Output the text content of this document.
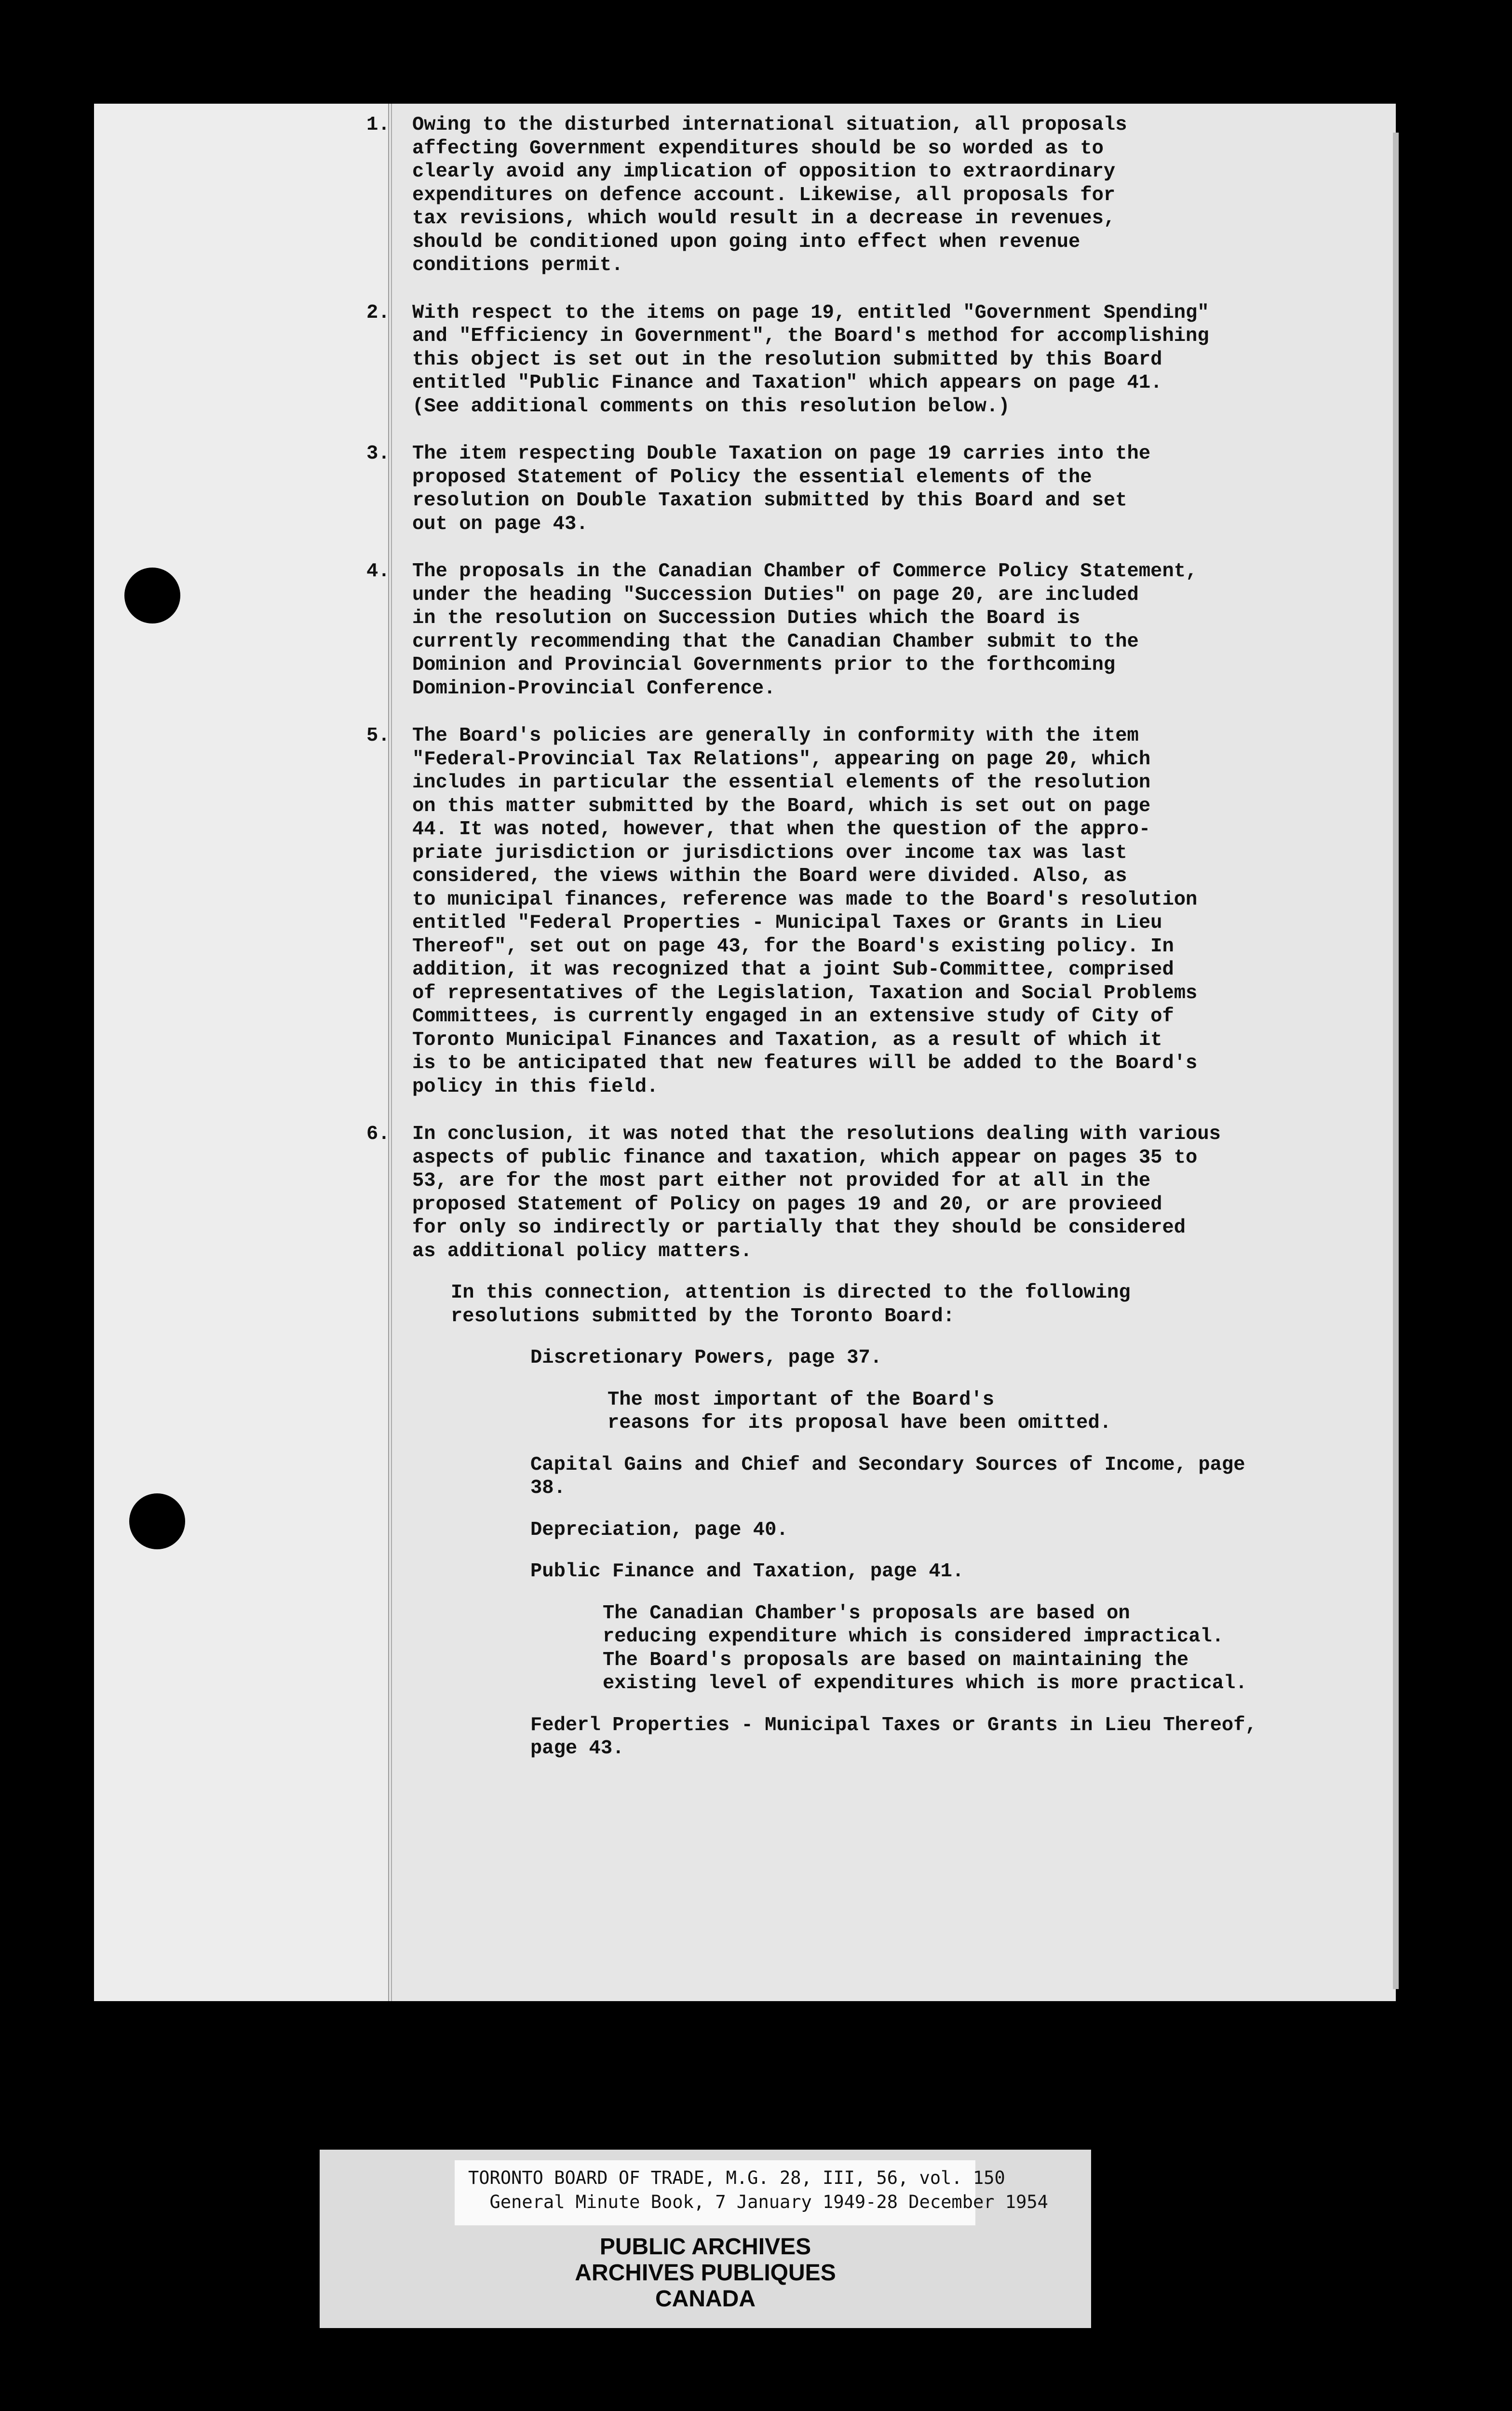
1. Owing to the disturbed international situation, all proposals
affecting Government expenditures should be so worded as to
clearly avoid any implication of opposition to extraordinary
expenditures on defence account. Likewise, all proposals for
tax revisions, which would result in a decrease in revenues,
should be conditioned upon going into effect when revenue
conditions permit.
2. With respect to the items on page 19, entitled "Government Spending"
and "Efficiency in Government", the Board's method for accomplishing
this object is set out in the resolution submitted by this Board
entitled "Public Finance and Taxation" which appears on page 41.
(See additional comments on this resolution below.)
3. The item respecting Double Taxation on page 19 carries into the
proposed Statement of Policy the essential elements of the
resolution on Double Taxation submitted by this Board and set
out on page 43.
4. The proposals in the Canadian Chamber of Commerce Policy Statement,
under the heading "Succession Duties" on page 20, are included
in the resolution on Succession Duties which the Board is
currently recommending that the Canadian Chamber submit to the
Dominion and Provincial Governments prior to the forthcoming
Dominion-Provincial Conference.
5. The Board's policies are generally in conformity with the item
"Federal-Provincial Tax Relations", appearing on page 20, which
includes in particular the essential elements of the resolution
on this matter submitted by the Board, which is set out on page
44. It was noted, however, that when the question of the appro-
priate jurisdiction or jurisdictions over income tax was last
considered, the views within the Board were divided. Also, as
to municipal finances, reference was made to the Board's resolution
entitled "Federal Properties - Municipal Taxes or Grants in Lieu
Thereof", set out on page 43, for the Board's existing policy. In
addition, it was recognized that a joint Sub-Committee, comprised
of representatives of the Legislation, Taxation and Social Problems
Committees, is currently engaged in an extensive study of City of
Toronto Municipal Finances and Taxation, as a result of which it
is to be anticipated that new features will be added to the Board's
policy in this field.
6. In conclusion, it was noted that the resolutions dealing with various
aspects of public finance and taxation, which appear on pages 35 to
53, are for the most part either not provided for at all in the
proposed Statement of Policy on pages 19 and 20, or are provieed
for only so indirectly or partially that they should be considered
as additional policy matters.
In this connection, attention is directed to the following
resolutions submitted by the Toronto Board:
Discretionary Powers, page 37.
The most important of the Board's
reasons for its proposal have been omitted.
Capital Gains and Chief and Secondary Sources of Income, page 38.
Depreciation, page 40.
Public Finance and Taxation, page 41.
The Canadian Chamber's proposals are based on
reducing expenditure which is considered impractical.
The Board's proposals are based on maintaining the
existing level of expenditures which is more practical.
Federl Properties - Municipal Taxes or Grants in Lieu Thereof,
page 43.
TORONTO BOARD OF TRADE, M.G. 28, III, 56, vol. 150
General Minute Book, 7 January 1949-28 December 1954
PUBLIC ARCHIVES
ARCHIVES PUBLIQUES
CANADA
